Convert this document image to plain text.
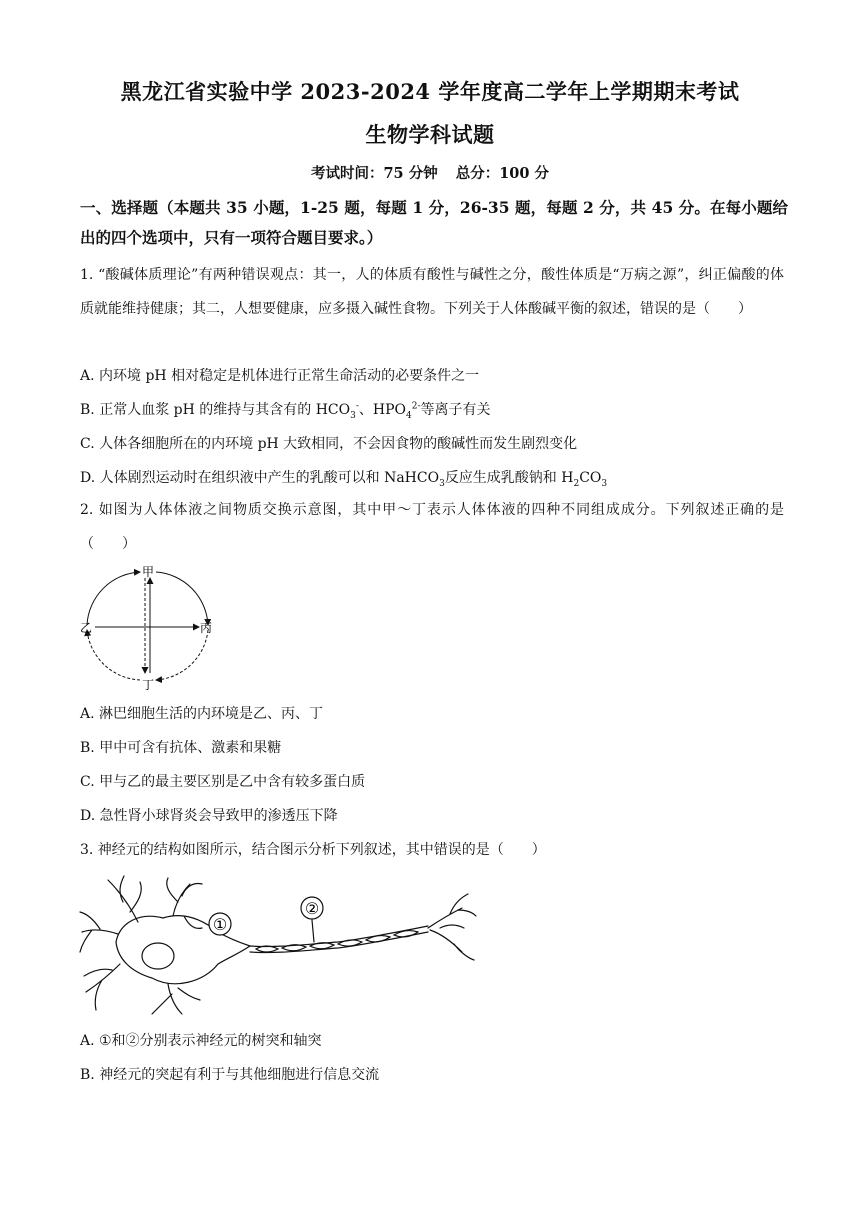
黑龙江省实验中学 2023-2024 学年度高二学年上学期期末考试
生物学科试题
考试时间：75 分钟 总分：100 分
一、选择题（本题共 35 小题，1-25 题，每题 1 分，26-35 题，每题 2 分，共 45 分。在每小题给出的四个选项中，只有一项符合题目要求。）
1. “酸碱体质理论”有两种错误观点：其一，人的体质有酸性与碱性之分，酸性体质是“万病之源”，纠正偏酸的体质就能维持健康；其二，人想要健康，应多摄入碱性食物。下列关于人体酸碱平衡的叙述，错误的是（　　）
A. 内环境 pH 相对稳定是机体进行正常生命活动的必要条件之一
B. 正常人血浆 pH 的维持与其含有的 $HCO_3^-$、$HPO_4^{2-}$等离子有关
C. 人体各细胞所在的内环境 pH 大致相同，不会因食物的酸碱性而发生剧烈变化
D. 人体剧烈运动时在组织液中产生的乳酸可以和 NaHCO$_3$反应生成乳酸钠和 $H_2CO_3$
2. 如图为人体体液之间物质交换示意图，其中甲～丁表示人体体液的四种不同组成成分。下列叙述正确的是（　　）
甲
乙	丙
丁
A. 淋巴细胞生活的内环境是乙、丙、丁
B. 甲中可含有抗体、激素和果糖
C. 甲与乙的最主要区别是乙中含有较多蛋白质
D. 急性肾小球肾炎会导致甲的渗透压下降
3. 神经元的结构如图所示，结合图示分析下列叙述，其中错误的是（　　）
①
②
A. ①和②分别表示神经元的树突和轴突
B. 神经元的突起有利于与其他细胞进行信息交流
